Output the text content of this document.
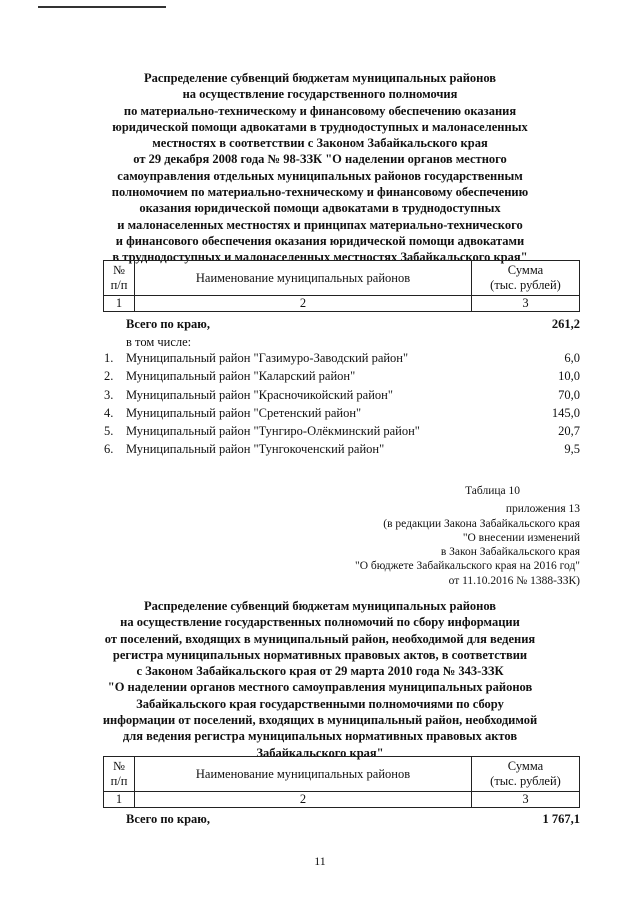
Распределение субвенций бюджетам муниципальных районов
на осуществление государственного полномочия
по материально-техническому и финансовому обеспечению оказания
юридической помощи адвокатами в труднодоступных и малонаселенных
местностях в соответствии с Законом Забайкальского края
от 29 декабря 2008 года № 98-ЗЗК "О наделении органов местного
самоуправления отдельных муниципальных районов государственным
полномочием по материально-техническому и финансовому обеспечению
оказания юридической помощи адвокатами в труднодоступных
и малонаселенных местностях и принципах материально-технического
и финансового обеспечения оказания юридической помощи адвокатами
в труднодоступных и малонаселенных местностях Забайкальского края"
№
п/п	Наименование муниципальных районов	Сумма
(тыс. рублей)
1	2	3
Всего по краю,	261,2
в том числе:
1. Муниципальный район "Газимуро-Заводский район"	6,0
2. Муниципальный район "Каларский район"	10,0
3. Муниципальный район "Красночикойский район"	70,0
4. Муниципальный район "Сретенский район"	145,0
5. Муниципальный район "Тунгиро-Олёкминский район"	20,7
6. Муниципальный район "Тунгокоченский район"	9,5
Таблица 10
приложения 13
(в редакции Закона Забайкальского края
"О внесении изменений
в Закон Забайкальского края
"О бюджете Забайкальского края на 2016 год"
от 11.10.2016 № 1388-ЗЗК)
Распределение субвенций бюджетам муниципальных районов
на осуществление государственных полномочий по сбору информации
от поселений, входящих в муниципальный район, необходимой для ведения
регистра муниципальных нормативных правовых актов, в соответствии
с Законом Забайкальского края от 29 марта 2010 года № 343-ЗЗК
"О наделении органов местного самоуправления муниципальных районов
Забайкальского края государственными полномочиями по сбору
информации от поселений, входящих в муниципальный район, необходимой
для ведения регистра муниципальных нормативных правовых актов
Забайкальского края"
№
п/п	Наименование муниципальных районов	Сумма
(тыс. рублей)
1	2	3
Всего по краю,	1 767,1
11
